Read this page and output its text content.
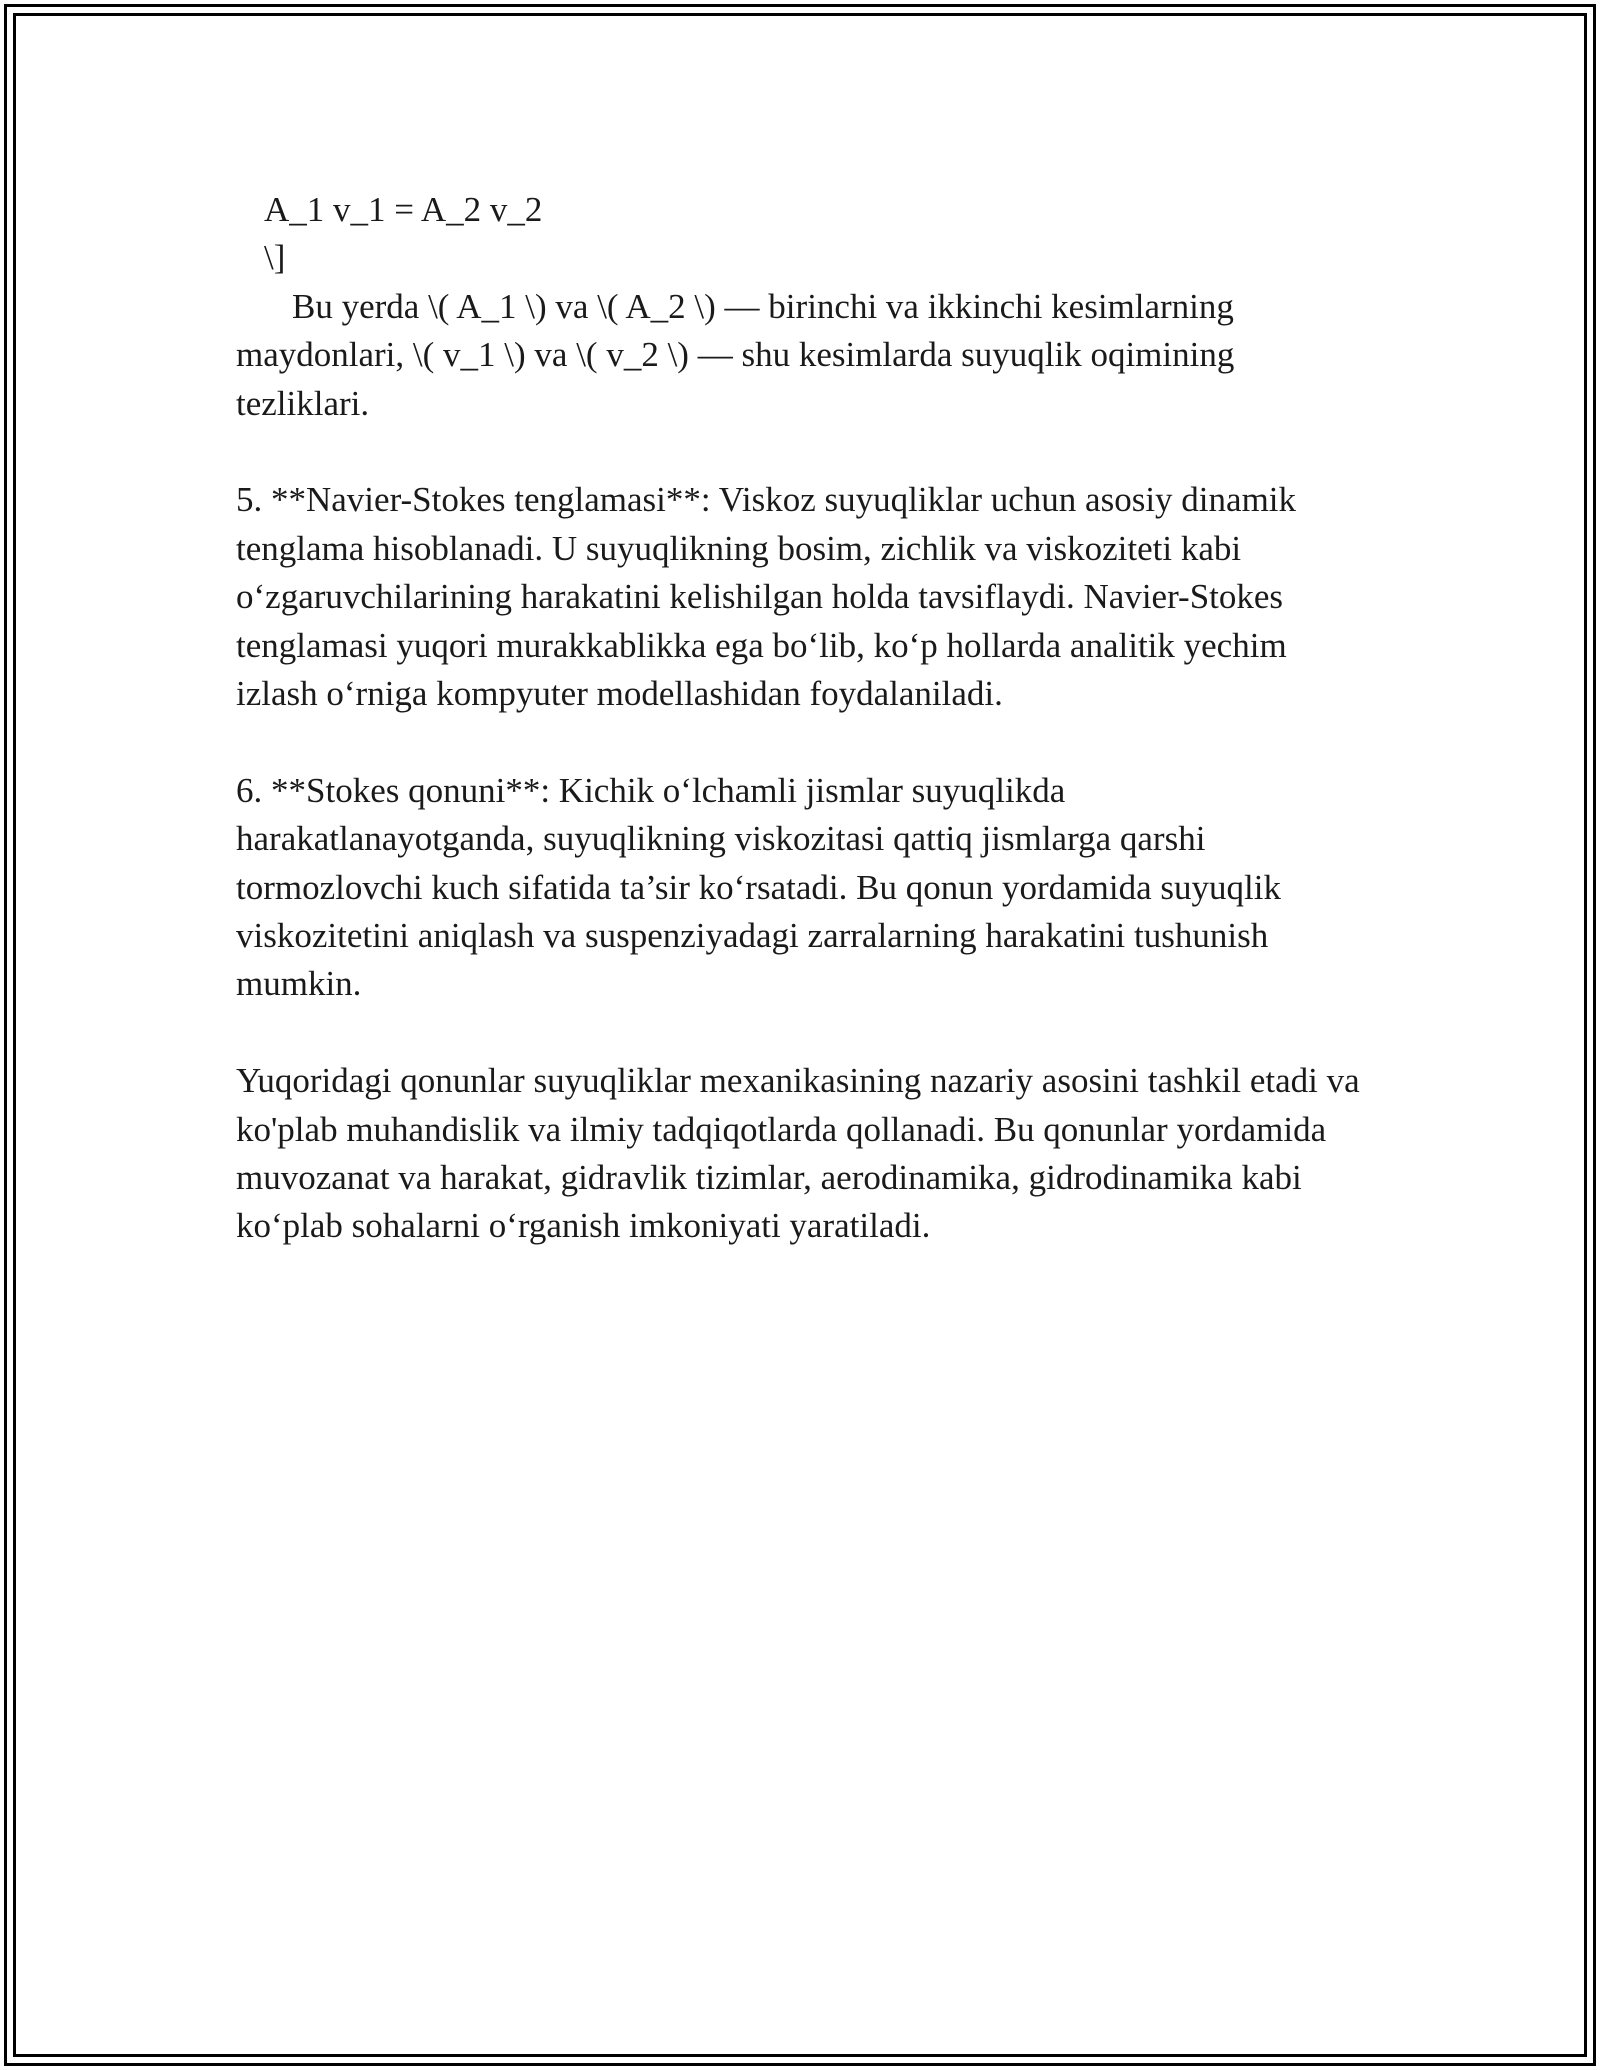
A_1 v_1 = A_2 v_2

\]

Bu yerda \( A_1 \) va \( A_2 \) — birinchi va ikkinchi kesimlarning maydonlari, \( v_1 \) va \( v_2 \) — shu kesimlarda suyuqlik oqimining tezliklari.

5. **Navier-Stokes tenglamasi**: Viskoz suyuqliklar uchun asosiy dinamik tenglama hisoblanadi. U suyuqlikning bosim, zichlik va viskoziteti kabi o‘zgaruvchilarining harakatini kelishilgan holda tavsiflaydi. Navier-Stokes tenglamasi yuqori murakkablikka ega bo‘lib, ko‘p hollarda analitik yechim izlash o‘rniga kompyuter modellashidan foydalaniladi.

6. **Stokes qonuni**: Kichik o‘lchamli jismlar suyuqlikda harakatlanayotganda, suyuqlikning viskozitasi qattiq jismlarga qarshi tormozlovchi kuch sifatida ta’sir ko‘rsatadi. Bu qonun yordamida suyuqlik viskozitetini aniqlash va suspenziyadagi zarralarning harakatini tushunish mumkin.

Yuqoridagi qonunlar suyuqliklar mexanikasining nazariy asosini tashkil etadi va ko'plab muhandislik va ilmiy tadqiqotlarda qollanadi. Bu qonunlar yordamida muvozanat va harakat, gidravlik tizimlar, aerodinamika, gidrodinamika kabi ko‘plab sohalarni o‘rganish imkoniyati yaratiladi.
